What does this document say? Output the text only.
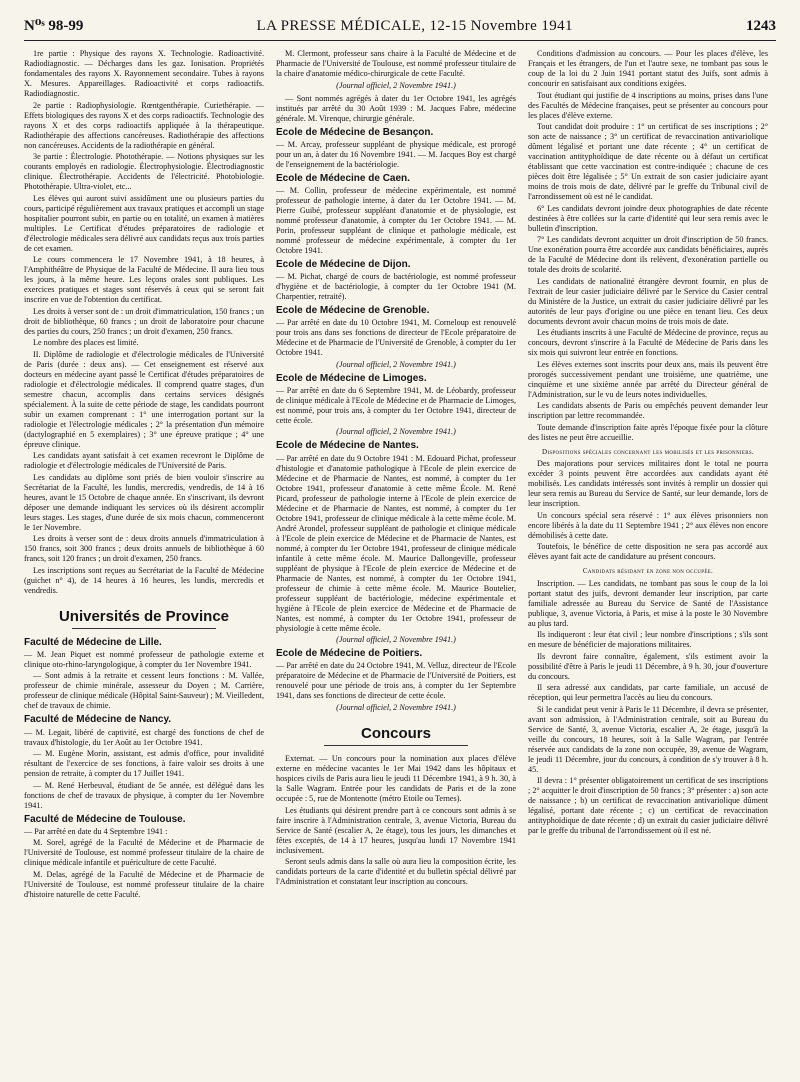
N⁰ˢ 98-99	LA PRESSE MÉDICALE, 12-15 Novembre 1941	1243

1re partie : Physique des rayons X. Technologie. Radioactivité. Radiodiagnostic. — Décharges dans les gaz. Ionisation. Propriétés fondamentales des rayons X. Rayonnement secondaire. Tubes à rayons X. Mesures. Appareillages. Radioactivité et corps radioactifs. Radiodiagnostic.

2e partie : Radiophysiologie. Rœntgenthérapie. Curiethérapie. — Effets biologiques des rayons X et des corps radioactifs. Technologie des rayons X et des corps radioactifs appliquée à la thérapeutique. Radiothérapie des affections cancéreuses. Radiothérapie des affections non cancéreuses. Accidents de la radiothérapie en général.

3e partie : Électrologie. Photothérapie. — Notions physiques sur les courants employés en radiologie. Électrophysiologie. Électrodiagnostic clinique. Électrothérapie. Accidents de l'électricité. Photobiologie. Photothérapie. Ultra-violet, etc...

Les élèves qui auront suivi assidûment une ou plusieurs parties du cours, participé régulièrement aux travaux pratiques et accompli un stage hospitalier pourront subir, en partie ou en totalité, un examen à matières multiples. Le Certificat d'études préparatoires de radiologie et d'électrologie médicales sera délivré aux candidats reçus aux trois parties de cet examen.

Le cours commencera le 17 Novembre 1941, à 18 heures, à l'Amphithéâtre de Physique de la Faculté de Médecine. Il aura lieu tous les jours, à la même heure. Les leçons orales sont publiques. Les exercices pratiques et stages sont réservés à ceux qui se seront fait inscrire en vue de l'obtention du certificat.

Les droits à verser sont de : un droit d'immatriculation, 150 francs ; un droit de bibliothèque, 60 francs ; un droit de laboratoire pour chacune des parties du cours, 250 francs ; un droit d'examen, 250 francs.

Le nombre des places est limité.

II. Diplôme de radiologie et d'électrologie médicales de l'Université de Paris (durée : deux ans). — Cet enseignement est réservé aux docteurs en médecine ayant passé le Certificat d'études préparatoires de radiologie et d'électrologie médicales. Il comprend quatre stages, d'un semestre chacun, accomplis dans certains services désignés spécialement. À la suite de cette période de stage, les candidats pourront subir un examen comprenant : 1° une interrogation portant sur la radiologie et l'électrologie médicales ; 2° la présentation d'un mémoire (dactylographié en 5 exemplaires) ; 3° une épreuve pratique ; 4° une épreuve clinique.

Les candidats ayant satisfait à cet examen recevront le Diplôme de radiologie et d'électrologie médicales de l'Université de Paris.

Les candidats au diplôme sont priés de bien vouloir s'inscrire au Secrétariat de la Faculté, les lundis, mercredis, vendredis, de 14 à 16 heures, avant le 15 Octobre de chaque année. En s'inscrivant, ils devront déposer une demande indiquant les services où ils désirent accomplir leurs stages. Les stages, d'une durée de six mois chacun, commenceront le 1er Novembre.

Les droits à verser sont de : deux droits annuels d'immatriculation à 150 francs, soit 300 francs ; deux droits annuels de bibliothèque à 60 francs, soit 120 francs ; un droit d'examen, 250 francs.

Les inscriptions sont reçues au Secrétariat de la Faculté de Médecine (guichet n° 4), de 14 heures à 16 heures, les lundis, mercredis et vendredis.

Universités de Province
Faculté de Médecine de Lille.

— M. Jean Piquet est nommé professeur de pathologie externe et clinique oto-rhino-laryngologique, à compter du 1er Novembre 1941.

— Sont admis à la retraite et cessent leurs fonctions : M. Vallée, professeur de chimie minérale, assesseur du Doyen ; M. Carrière, professeur de clinique médicale (Hôpital Saint-Sauveur) ; M. Vieilledent, chef de travaux de chimie.

Faculté de Médecine de Nancy.

— M. Legait, libéré de captivité, est chargé des fonctions de chef de travaux d'histologie, du 1er Août au 1er Octobre 1941.

— M. Eugène Morin, assistant, est admis d'office, pour invalidité résultant de l'exercice de ses fonctions, à faire valoir ses droits à une pension de retraite, à compter du 17 Juillet 1941.

— M. René Herbeuval, étudiant de 5e année, est délégué dans les fonctions de chef de travaux de physique, à compter du 1er Novembre 1941.

Faculté de Médecine de Toulouse.

— Par arrêté en date du 4 Septembre 1941 :

M. Sorel, agrégé de la Faculté de Médecine et de Pharmacie de l'Université de Toulouse, est nommé professeur titulaire de la chaire de clinique médicale infantile et puériculture de cette Faculté.

M. Delas, agrégé de la Faculté de Médecine et de Pharmacie de l'Université de Toulouse, est nommé professeur titulaire de la chaire d'histoire naturelle de cette Faculté.

M. Clermont, professeur sans chaire à la Faculté de Médecine et de Pharmacie de l'Université de Toulouse, est nommé professeur titulaire de la chaire d'anatomie médico-chirurgicale de cette Faculté.

(Journal officiel, 2 Novembre 1941.)

— Sont nommés agrégés à dater du 1er Octobre 1941, les agrégés institués par arrêté du 30 Août 1939 : M. Jacques Fabre, médecine générale. M. Virenque, chirurgie générale.

Ecole de Médecine de Besançon.

— M. Arcay, professeur suppléant de physique médicale, est prorogé pour un an, à dater du 16 Novembre 1941. — M. Jacques Boy est chargé de l'enseignement de la bactériologie.

Ecole de Médecine de Caen.

— M. Collin, professeur de médecine expérimentale, est nommé professeur de pathologie interne, à dater du 1er Octobre 1941. — M. Pierre Guibé, professeur suppléant d'anatomie et de physiologie, est nommé professeur d'anatomie, à compter du 1er Octobre 1941. — M. Porin, professeur suppléant de clinique et pathologie médicale, est nommé professeur de médecine expérimentale, à compter du 1er Octobre 1941.

Ecole de Médecine de Dijon.

— M. Pichat, chargé de cours de bactériologie, est nommé professeur d'hygiène et de bactériologie, à compter du 1er Octobre 1941 (M. Charpentier, retraité).

Ecole de Médecine de Grenoble.

— Par arrêté en date du 10 Octobre 1941, M. Corneloup est renouvelé pour trois ans dans ses fonctions de directeur de l'Ecole préparatoire de Médecine et de Pharmacie de l'Université de Grenoble, à compter du 1er Octobre 1941.

(Journal officiel, 2 Novembre 1941.)

Ecole de Médecine de Limoges.

— Par arrêté en date du 6 Septembre 1941, M. de Léobardy, professeur de clinique médicale à l'Ecole de Médecine et de Pharmacie de Limoges, est nommé, pour trois ans, à compter du 1er Octobre 1941, directeur de cette école.

(Journal officiel, 2 Novembre 1941.)

Ecole de Médecine de Nantes.

— Par arrêté en date du 9 Octobre 1941 : M. Edouard Pichat, professeur d'histologie et d'anatomie pathologique à l'Ecole de plein exercice de Médecine et de Pharmacie de Nantes, est nommé, à compter du 1er Octobre 1941, professeur d'anatomie à cette même École. M. René Picard, professeur de pathologie interne à l'Ecole de plein exercice de Médecine et de Pharmacie de Nantes, est nommé, à compter du 1er Octobre 1941, professeur de clinique médicale à la cette même école. M. André Arondel, professeur suppléant de pathologie et clinique médicale à l'Ecole de plein exercice de Médecine et de Pharmacie de Nantes, est nommé, à compter du 1er Octobre 1941, professeur de clinique médicale infantile à cette même école. M. Maurice Dallongeville, professeur suppléant de physique à l'Ecole de plein exercice de Médecine et de Pharmacie de Nantes, est nommé, à compter du 1er Octobre 1941, professeur de chimie à cette même école. M. Maurice Boutelier, professeur suppléant de bactériologie, médecine expérimentale et hygiène à l'Ecole de plein exercice de Médecine et de Pharmacie de Nantes, est nommé, à compter du 1er Octobre 1941, professeur de physiologie à cette même école.

(Journal officiel, 2 Novembre 1941.)

Ecole de Médecine de Poitiers.

— Par arrêté en date du 24 Octobre 1941, M. Velluz, directeur de l'Ecole préparatoire de Médecine et de Pharmacie de l'Université de Poitiers, est renouvelé pour une période de trois ans, à compter du 1er Septembre 1941, dans ses fonctions de directeur de cette école.

(Journal officiel, 2 Novembre 1941.)

Concours

Externat. — Un concours pour la nomination aux places d'élève externe en médecine vacantes le 1er Mai 1942 dans les hôpitaux et hospices civils de Paris aura lieu le jeudi 11 Décembre 1941, à 9 h. 30, à la Salle Wagram. Entrée pour les candidats de Paris et de la zone occupée : 5, rue de Montenotte (métro Etoile ou Ternes).

Les étudiants qui désirent prendre part à ce concours sont admis à se faire inscrire à l'Administration centrale, 3, avenue Victoria, Bureau du Service de Santé (escalier A, 2e étage), tous les jours, les dimanches et fêtes exceptés, de 14 à 17 heures, jusqu'au lundi 17 Novembre 1941 inclusivement.

Seront seuls admis dans la salle où aura lieu la composition écrite, les candidats porteurs de la carte d'identité et du bulletin spécial délivré par l'Administration et constatant leur inscription au concours.

Conditions d'admission au concours. — Pour les places d'élève, les Français et les étrangers, de l'un et l'autre sexe, ne tombant pas sous le coup de la loi du 2 Juin 1941 portant statut des Juifs, sont admis à concourir en satisfaisant aux conditions exigées.

Tout étudiant qui justifie de 4 inscriptions au moins, prises dans l'une des Facultés de Médecine françaises, peut se présenter au concours pour les places d'élève externe.

Tout candidat doit produire : 1° un certificat de ses inscriptions ; 2° son acte de naissance ; 3° un certificat de revaccination antivariolique dûment légalisé et portant une date récente ; 4° un certificat de vaccination antityphoïdique de date récente ou à défaut un certificat établissant que cette vaccination est contre-indiquée ; chacune de ces pièces doit être légalisée ; 5° Un extrait de son casier judiciaire ayant moins de trois mois de date, délivré par le greffe du Tribunal civil de l'arrondissement où est né le candidat.

6° Les candidats devront joindre deux photographies de date récente destinées à être collées sur la carte d'identité qui leur sera remis avec le bulletin d'inscription.

7° Les candidats devront acquitter un droit d'inscription de 50 francs. Une exonération pourra être accordée aux candidats bénéficiaires, auprès de la Faculté de Médecine dont ils relèvent, d'exonération partielle ou totale des droits de scolarité.

Les candidats de nationalité étrangère devront fournir, en plus de l'extrait de leur casier judiciaire délivré par le Service du Casier central du Ministère de la Justice, un extrait du casier judiciaire délivré par les autorités de leur pays d'origine ou une pièce en tenant lieu. Ces deux documents devront avoir chacun moins de trois mois de date.

Les étudiants inscrits à une Faculté de Médecine de province, reçus au concours, devront s'inscrire à la Faculté de Médecine de Paris dans les six mois qui suivront leur entrée en fonctions.

Les élèves externes sont inscrits pour deux ans, mais ils peuvent être prorogés successivement pendant une troisième, une quatrième, une cinquième et une sixième année par arrêté du Directeur général de l'Administration, sur le vu de leurs notes individuelles.

Les candidats absents de Paris ou empêchés peuvent demander leur inscription par lettre recommandée.

Toute demande d'inscription faite après l'époque fixée pour la clôture des listes ne peut être accueillie.

Dispositions spéciales concernant les mobilisés et les prisonniers.

Des majorations pour services militaires dont le total ne pourra excéder 3 points peuvent être accordées aux candidats ayant été mobilisés. Les candidats intéressés sont invités à remplir un dossier qui leur sera remis au Bureau du Service de Santé, sur leur demande, lors de leur inscription.

Un concours spécial sera réservé : 1° aux élèves prisonniers non encore libérés à la date du 11 Septembre 1941 ; 2° aux élèves non encore démobilisés à cette date.

Toutefois, le bénéfice de cette disposition ne sera pas accordé aux élèves ayant fait acte de candidature au présent concours.

Candidats résidant en zone non occupée.

Inscription. — Les candidats, ne tombant pas sous le coup de la loi portant statut des juifs, devront demander leur inscription, par carte familiale adressée au Bureau du Service de Santé de l'Assistance publique, 3, avenue Victoria, à Paris, et mise à la poste le 30 Novembre au plus tard.

Ils indiqueront : leur état civil ; leur nombre d'inscriptions ; s'ils sont en mesure de bénéficier de majorations militaires.

Ils devront faire connaître, également, s'ils estiment avoir la possibilité d'être à Paris le jeudi 11 Décembre, à 9 h. 30, jour d'ouverture du concours.

Il sera adressé aux candidats, par carte familiale, un accusé de réception, qui leur permettra l'accès au lieu du concours.

Si le candidat peut venir à Paris le 11 Décembre, il devra se présenter, avant son admission, à l'Administration centrale, soit au Bureau du Service de Santé, 3, avenue Victoria, escalier A, 2e étage, jusqu'à la veille du concours, 18 heures, soit à la Salle Wagram, par l'entrée réservée aux candidats de la zone non occupée, 39, avenue de Wagram, le jeudi 11 Décembre, jour du concours, à condition de s'y trouver à 8 h. 45.

Il devra : 1° présenter obligatoirement un certificat de ses inscriptions ; 2° acquitter le droit d'inscription de 50 francs ; 3° présenter : a) son acte de naissance ; b) un certificat de revaccination antivariolique dûment légalisé, portant date récente ; c) un certificat de revaccination antityphoïdique de date récente ; d) un extrait du casier judiciaire délivré par le greffe du tribunal de l'arrondissement où il est né.
